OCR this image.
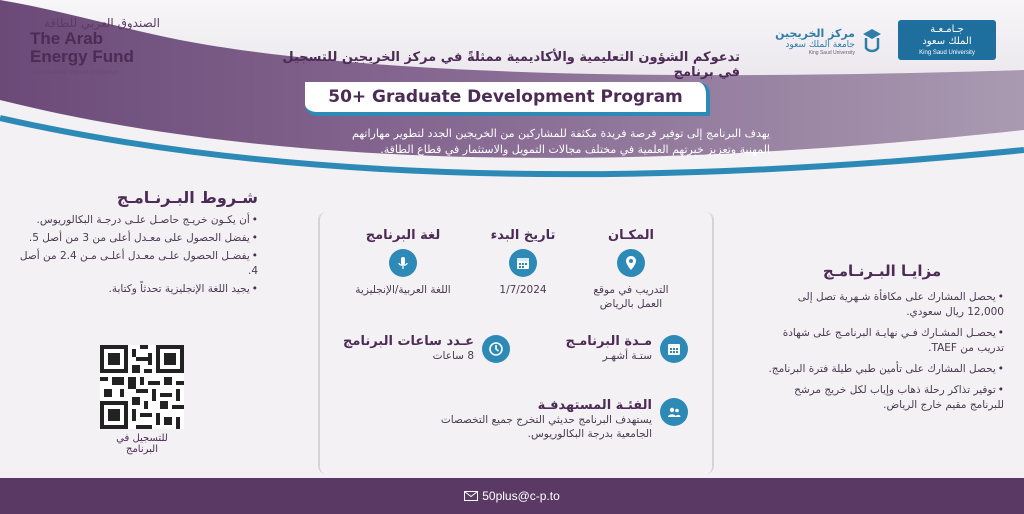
الصندوق العربي للطاقة
The Arab
Energy Fund
A Multilateral Impact Institution
مركز الخريجين
جامعة الملك سعود
King Saud University
جـامـعـة
الملك سعود
King Saud University
تدعوكم الشؤون التعليمية والأكاديمية ممثلةً في مركز الخريجين للتسجيل في برنامج
50+ Graduate Development Program
يهدف البرنامج إلى توفير فرصة فريدة مكثفة للمشاركين من الخريجين الجدد لتطوير مهاراتهم
المهنية وتعزيز خبرتهم العلمية في مختلف مجالات التمويل والاستثمار في قطاع الطاقة.
شـروط البـرنـامـج
• أن يكـون خريـج حاصـل علـى درجـة البكالوريوس.
• يفضل الحصول على معـدل أعلى من 3 من أصل 5.
• يفضـل الحصول علـى معـدل أعلـى مـن 2.4 من أصل 4.
• يجيد اللغة الإنجليزية تحدثاً وكتابة.
للتسجيل في البرنامج
المكـان
التدريب في موقع
العمل بالرياض
تاريخ البدء
1/7/2024
لغة البرنامج
اللغة العربية/الإنجليزية
مـدة البرنامـج
ستـة أشهـر
عـدد ساعات البرنامج
8 ساعات
الفئـة المستهدفـة
يستهدف البرنامج حديثي التخرج جميع التخصصات
الجامعية بدرجة البكالوريوس.
مزايـا البـرنـامـج
• يحصل المشارك على مكافأة شـهرية تصل إلى 12,000 ريال سعودي.
• يحصـل المشـارك فـي نهايـة البرنامـج على شهادة تدريب من TAEF.
• يحصل المشارك على تأمين طبي طيلة فترة البرنامج.
• توفير تذاكر رحلة ذهاب وإياب لكل خريج مرشح للبرنامج مقيم خارج الرياض.
50plus@c-p.to
